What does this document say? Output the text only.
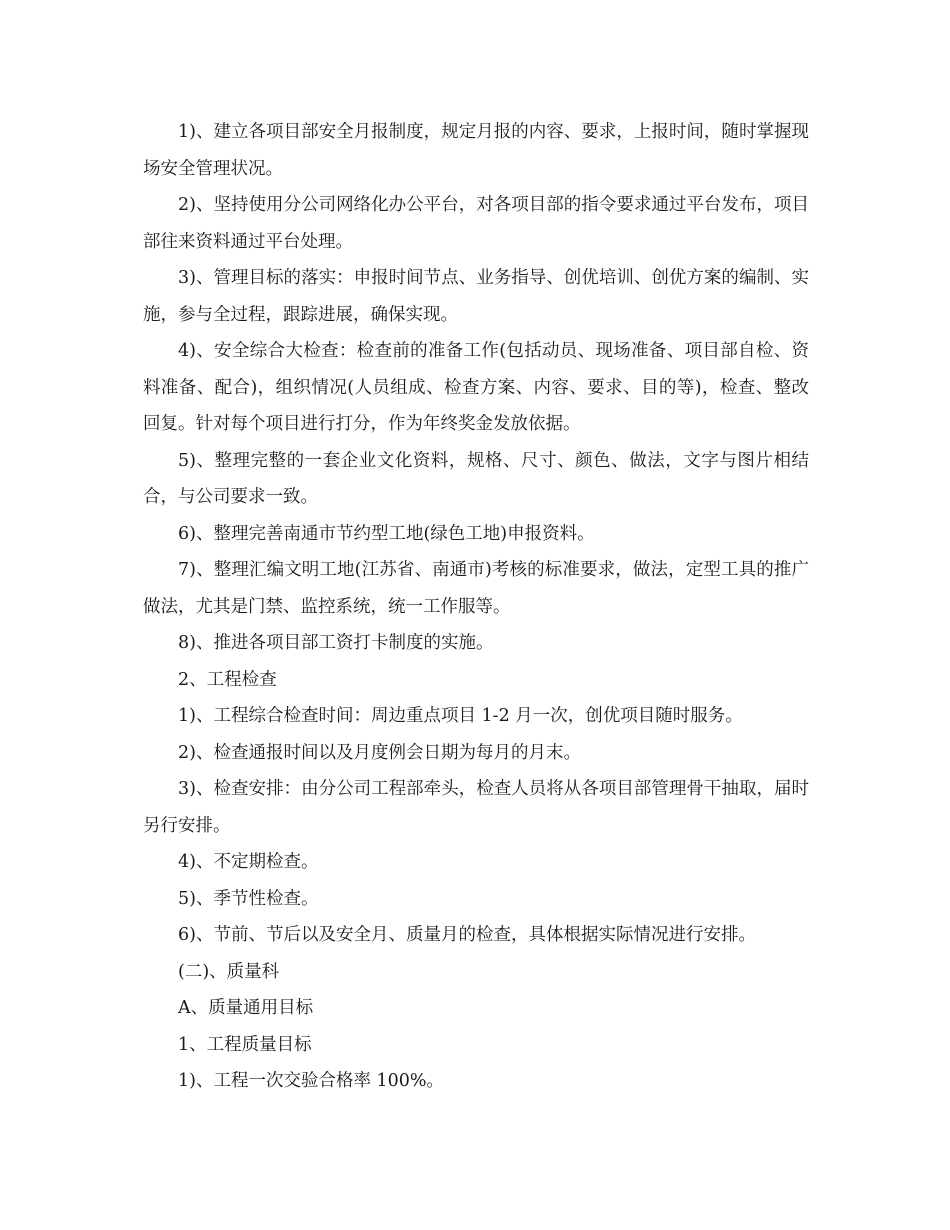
1)、建立各项目部安全月报制度，规定月报的内容、要求，上报时间，随时掌握现场安全管理状况。

2)、坚持使用分公司网络化办公平台，对各项目部的指令要求通过平台发布，项目部往来资料通过平台处理。

3)、管理目标的落实：申报时间节点、业务指导、创优培训、创优方案的编制、实施，参与全过程，跟踪进展，确保实现。

4)、安全综合大检查：检查前的准备工作(包括动员、现场准备、项目部自检、资料准备、配合)，组织情况(人员组成、检查方案、内容、要求、目的等)，检查、整改回复。针对每个项目进行打分，作为年终奖金发放依据。

5)、整理完整的一套企业文化资料，规格、尺寸、颜色、做法，文字与图片相结合，与公司要求一致。

6)、整理完善南通市节约型工地(绿色工地)申报资料。

7)、整理汇编文明工地(江苏省、南通市)考核的标准要求，做法，定型工具的推广做法，尤其是门禁、监控系统，统一工作服等。

8)、推进各项目部工资打卡制度的实施。

2、工程检查

1)、工程综合检查时间：周边重点项目 1-2 月一次，创优项目随时服务。

2)、检查通报时间以及月度例会日期为每月的月末。

3)、检查安排：由分公司工程部牵头，检查人员将从各项目部管理骨干抽取，届时另行安排。

4)、不定期检查。

5)、季节性检查。

6)、节前、节后以及安全月、质量月的检查，具体根据实际情况进行安排。

(二)、质量科

A、质量通用目标

1、工程质量目标

1)、工程一次交验合格率 100%。
